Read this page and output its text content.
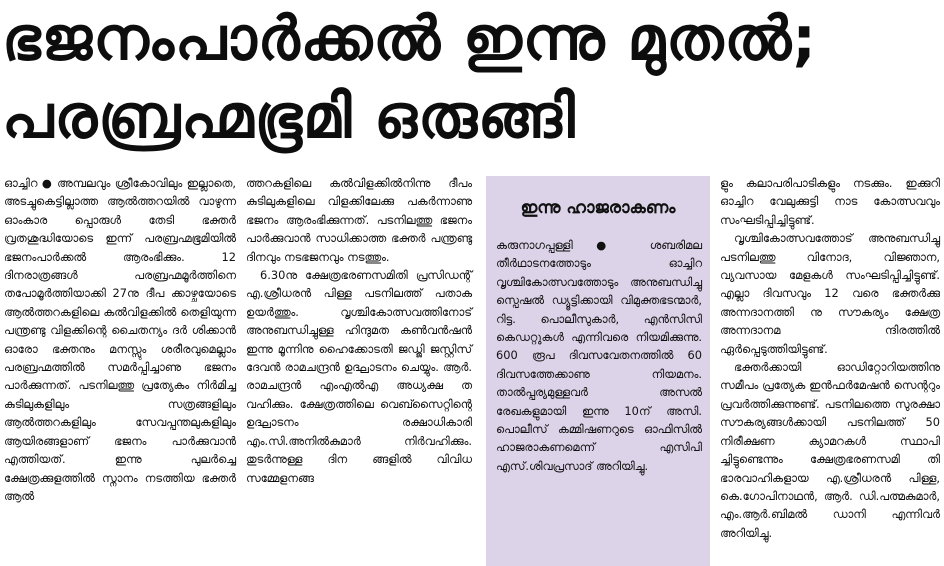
ഭജനംപാർക്കൽ ഇന്നു മുതൽ;
പരബ്രഹ്മഭൂമി ഒരുങ്ങി

ഓച്ചിറ ● അമ്പലവും ശ്രീകോവിലും ഇല്ലാതെ, അടച്ചുകെട്ടില്ലാത്ത ആൽത്തറയിൽ വാഴുന്ന ഓംകാര പ്പൊരുൾ തേടി ഭക്തർ വ്രതശുദ്ധിയോടെ ഇന്ന് പരബ്രഹ്മഭൂമിയിൽ ഭജനംപാർക്കൽ ആരംഭിക്കും. 12 ദിനരാത്രങ്ങൾ പരബ്രഹ്മമൂർത്തിനെ തപോമൂർത്തിയാക്കി 27നു ദീപ ക്കാഴ്ചയോടെ ആൽത്തറകളിലെ കൽവിളക്കിൽ തെളിയുന്ന പന്ത്രണ്ടു വിളക്കിന്റെ ചൈതന്യം ദർ ശിക്കാൻ ഓരോ ഭക്തനും മനസ്സും ശരീരവുമെല്ലാം പരബ്രഹ്മത്തിൽ സമർപ്പിച്ചാണു ഭജനം പാർക്കുന്നത്. പടനിലത്തു പ്രത്യേകം നിർമിച്ച കുടിലുകളിലും സത്രങ്ങളിലും ആൽത്തറകളിലും സേവപ്പന്തലുകളിലും ആയിരങ്ങളാണ് ഭജനം പാർക്കുവാൻ എത്തിയത്. ഇന്നു പുലർച്ചെ ക്ഷേത്രക്കുളത്തിൽ സ്നാനം നടത്തിയ ഭക്തർ ആൽ

ത്തറകളിലെ കൽവിളക്കിൽനിന്നു ദീപം കുടിലുകളിലെ വിളക്കിലേക്കു പകർന്നാണു ഭജനം ആരംഭിക്കുന്നത്. പടനിലത്തു ഭജനം പാർക്കുവാൻ സാധിക്കാത്ത ഭക്തർ പന്ത്രണ്ടു ദിനവും നടഭജനവും നടത്തും.

6.30നു ക്ഷേത്രഭരണസമിതി പ്രസിഡന്റ് എ.ശ്രീധരൻ പിള്ള പടനിലത്ത് പതാക ഉയർത്തും. വൃശ്ചികോത്സവത്തിനോട് അനുബന്ധിച്ചുള്ള ഹിന്ദുമത കൺവൻഷൻ ഇന്നു മൂന്നിനു ഹൈക്കോടതി ജഡ്ജി ജസ്റ്റിസ് ദേവൻ രാമചന്ദ്രൻ ഉദ്ഘാടനം ചെയ്യും. ആർ. രാമചന്ദ്രൻ എംഎൽഎ അധ്യക്ഷ ത വഹിക്കും. ക്ഷേത്രത്തിലെ വെബ്സൈറ്റിന്റെ ഉദ്ഘാടനം രക്ഷാധികാരി എം.സി.അനിൽകുമാർ നിർവഹിക്കും. തുടർന്നുള്ള ദിന ങ്ങളിൽ വിവിധ സമ്മേളനങ്ങ

ഇന്നു ഹാജരാകണം

കരുനാഗപ്പള്ളി ● ശബരിമല തീർഥാടനത്തോടും ഓച്ചിറ വൃശ്ചികോത്സവത്തോടും അനുബന്ധിച്ചു സ്പെഷൽ ഡ്യൂട്ടിക്കായി വിമുക്തഭടന്മാർ, റിട്ട. പൊലീസുകാർ, എൻസിസി കെഡറ്റുകൾ എന്നിവരെ നിയമിക്കുന്നു. 600 രൂപ ദിവസവേതനത്തിൽ 60 ദിവസത്തേക്കാണു നിയമനം. താൽപ്പര്യമുള്ളവർ അസൽ രേഖകളുമായി ഇന്നു 10ന് അസി. പൊലീസ് കമ്മിഷണറുടെ ഓഫിസിൽ ഹാജരാകണമെന്ന് എസിപി എസ്.ശിവപ്രസാദ് അറിയിച്ചു.

ളും കലാപരിപാടികളും നടക്കും. ഇക്കുറി ഓച്ചിറ വേലുക്കുട്ടി നാട കോത്സവവും സംഘടിപ്പിച്ചിട്ടുണ്ട്.

വൃശ്ചികോത്സവത്തോട് അനുബന്ധിച്ചു പടനിലത്തു വിനോദ, വിജ്ഞാന, വ്യവസായ മേളകൾ സംഘടിപ്പിച്ചിട്ടുണ്ട്. എല്ലാ ദിവസവും 12 വരെ ഭക്തർക്കു അന്നദാനത്തി നു സൗകര്യം ക്ഷേത്ര അന്നദാനമ ന്ദിരത്തിൽ ഏർപ്പെടുത്തിയിട്ടുണ്ട്.

ഭക്തർക്കായി ഓഡിറ്റോറിയത്തിനു സമീപം പ്രത്യേക ഇൻഫർമേഷൻ സെന്ററും പ്രവർത്തിക്കുന്നുണ്ട്. പടനിലത്തെ സുരക്ഷാ സൗകര്യങ്ങൾക്കായി പടനിലത്ത് 50 നിരീക്ഷണ ക്യാമറകൾ സ്ഥാപി ച്ചിട്ടുണ്ടെന്നും ക്ഷേത്രഭരണസമി തി ഭാരവാഹികളായ എ.ശ്രീധരൻ പിള്ള, കെ.ഗോപിനാഥൻ, ആർ. ഡി.പത്മകുമാർ, എം.ആർ.ബിമൽ ഡാനി എന്നിവർ അറിയിച്ചു.
